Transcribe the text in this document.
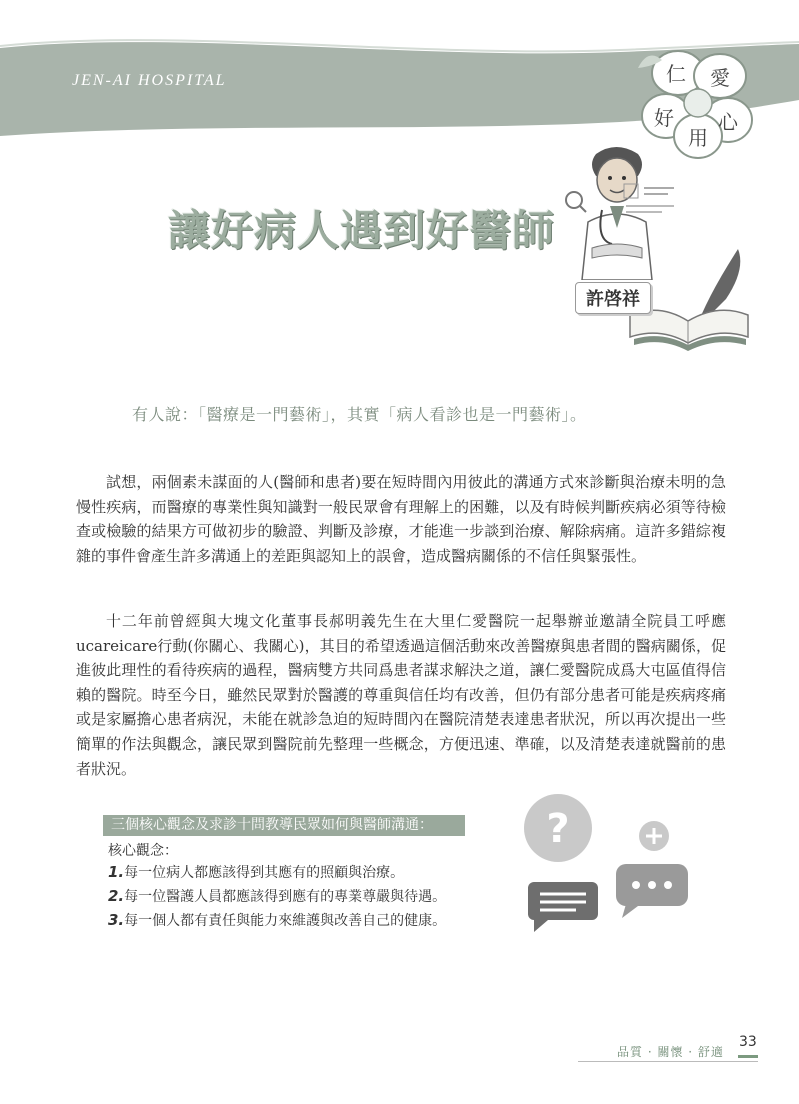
JEN-AI HOSPITAL	仁 愛
好
用
心
讓好病人遇到好醫師
許啓祥
有人說：「醫療是一門藝術」，其實「病人看診也是一門藝術」。

試想，兩個素未謀面的人(醫師和患者)要在短時間內用彼此的溝通方式來診斷與治療未明的急慢性疾病，而醫療的專業性與知識對一般民眾會有理解上的困難，以及有時候判斷疾病必須等待檢查或檢驗的結果方可做初步的驗證、判斷及診療，才能進一步談到治療、解除病痛。這許多錯綜複雜的事件會產生許多溝通上的差距與認知上的誤會，造成醫病關係的不信任與緊張性。

十二年前曾經與大塊文化董事長郝明義先生在大里仁愛醫院一起舉辦並邀請全院員工呼應ucareicare行動(你關心、我關心)，其目的希望透過這個活動來改善醫療與患者間的醫病關係，促進彼此理性的看待疾病的過程，醫病雙方共同爲患者謀求解決之道，讓仁愛醫院成爲大屯區值得信賴的醫院。時至今日，雖然民眾對於醫護的尊重與信任均有改善，但仍有部分患者可能是疾病疼痛或是家屬擔心患者病況，未能在就診急迫的短時間內在醫院清楚表達患者狀況，所以再次提出一些簡單的作法與觀念，讓民眾到醫院前先整理一些概念，方便迅速、準確，以及清楚表達就醫前的患者狀況。

三個核心觀念及求診十問教導民眾如何與醫師溝通：
核心觀念：
1.每一位病人都應該得到其應有的照顧與治療。
2.每一位醫護人員都應該得到應有的專業尊嚴與待遇。
3.每一個人都有責任與能力來維護與改善自己的健康。
?
品質 · 關懷 · 舒適
33
